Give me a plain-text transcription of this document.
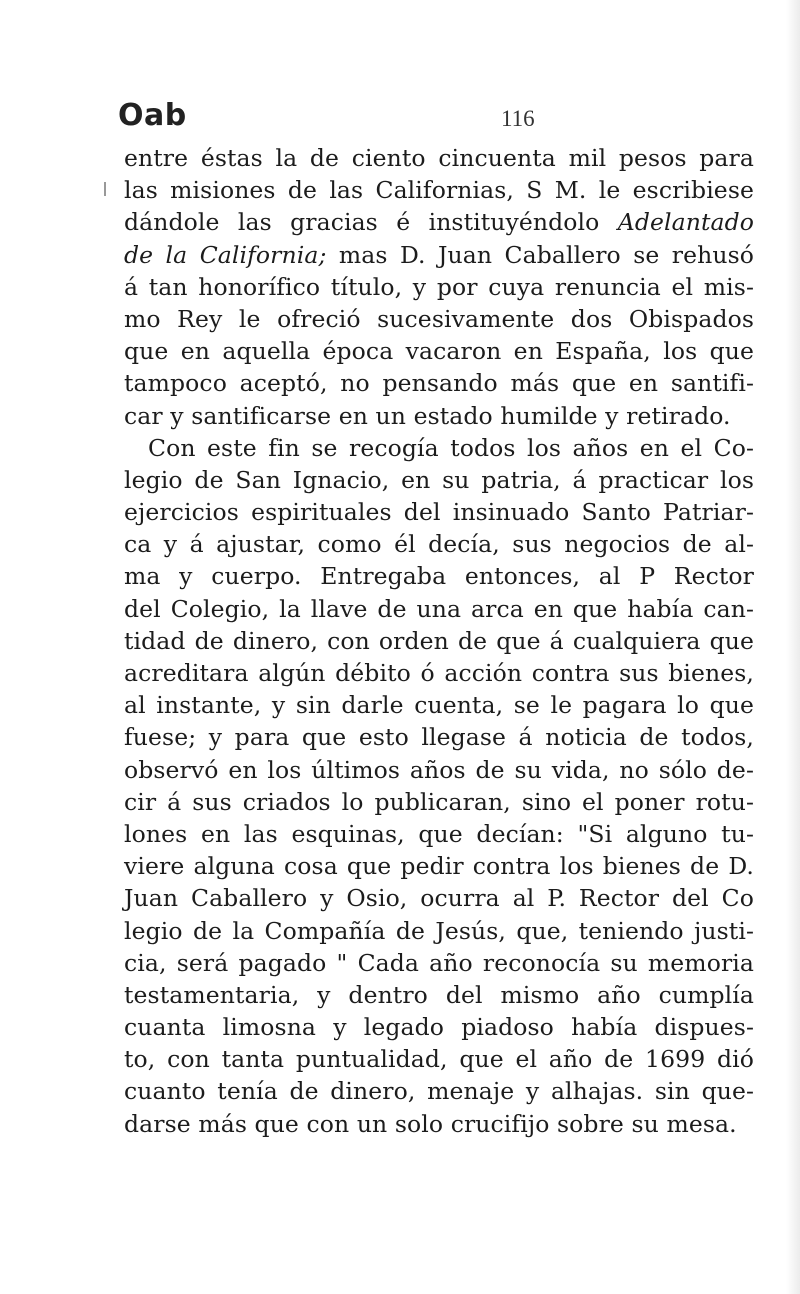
Oab	116
entre éstas la de ciento cincuenta mil pesos para
las misiones de las Californias, S M. le escribiese
dándole las gracias é instituyéndolo Adelantado
de la California; mas D. Juan Caballero se rehusó
á tan honorífico título, y por cuya renuncia el mis-
mo Rey le ofreció sucesivamente dos Obispados
que en aquella época vacaron en España, los que
tampoco aceptó, no pensando más que en santifi-
car y santificarse en un estado humilde y retirado.
Con este fin se recogía todos los años en el Co-
legio de San Ignacio, en su patria, á practicar los
ejercicios espirituales del insinuado Santo Patriar-
ca y á ajustar, como él decía, sus negocios de al-
ma y cuerpo. Entregaba entonces, al P Rector
del Colegio, la llave de una arca en que había can-
tidad de dinero, con orden de que á cualquiera que
acreditara algún débito ó acción contra sus bienes,
al instante, y sin darle cuenta, se le pagara lo que
fuese; y para que esto llegase á noticia de todos,
observó en los últimos años de su vida, no sólo de-
cir á sus criados lo publicaran, sino el poner rotu-
lones en las esquinas, que decían: "Si alguno tu-
viere alguna cosa que pedir contra los bienes de D.
Juan Caballero y Osio, ocurra al P. Rector del Co
legio de la Compañía de Jesús, que, teniendo justi-
cia, será pagado " Cada año reconocía su memoria
testamentaria, y dentro del mismo año cumplía
cuanta limosna y legado piadoso había dispues-
to, con tanta puntualidad, que el año de 1699 dió
cuanto tenía de dinero, menaje y alhajas. sin que-
darse más que con un solo crucifijo sobre su mesa.
